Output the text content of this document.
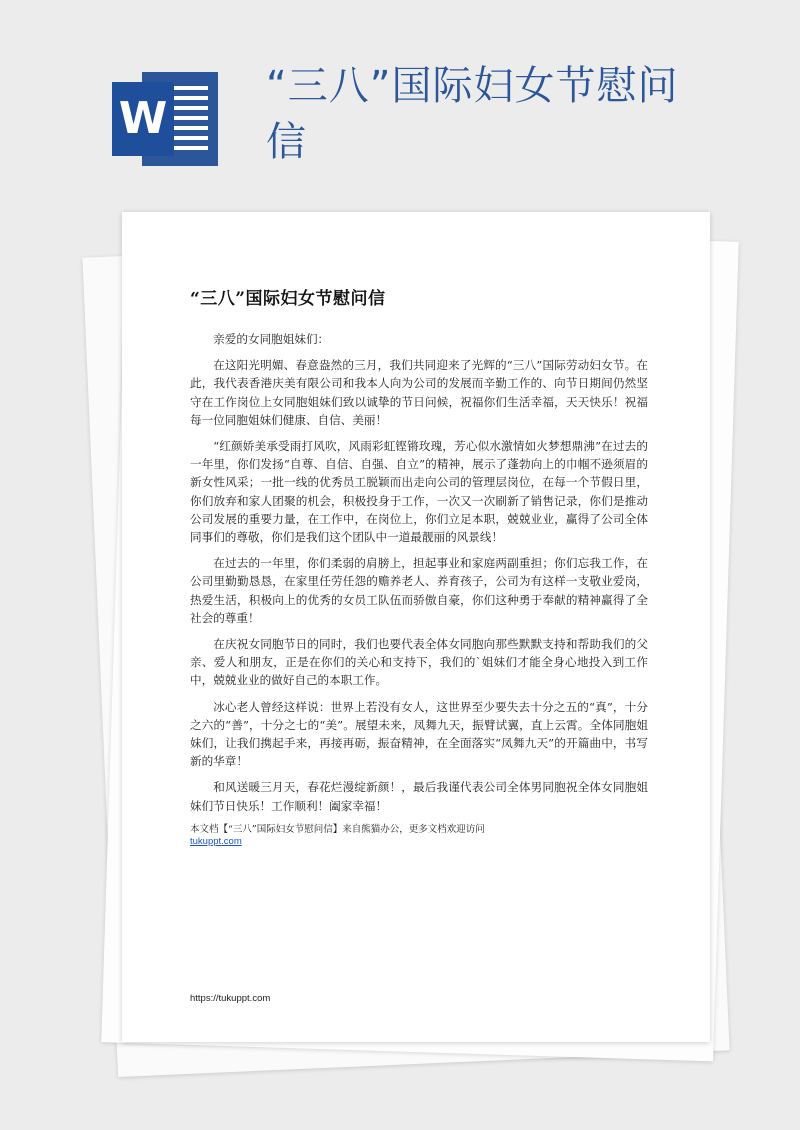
W
“三八”国际妇女节慰问信
“三八”国际妇女节慰问信

亲爱的女同胞姐妹们：

在这阳光明媚、春意盎然的三月，我们共同迎来了光辉的“三八”国际劳动妇女节。在此，我代表香港庆美有限公司和我本人向为公司的发展而辛勤工作的、向节日期间仍然坚守在工作岗位上女同胞姐妹们致以诚挚的节日问候，祝福你们生活幸福，天天快乐！祝福每一位同胞姐妹们健康、自信、美丽！

“红颜娇美承受雨打风吹，风雨彩虹铿锵玫瑰，芳心似水激情如火梦想鼎沸”在过去的一年里，你们发扬“自尊、自信、自强、自立”的精神，展示了蓬勃向上的巾帼不逊须眉的新女性风采；一批一线的优秀员工脱颖而出走向公司的管理层岗位，在每一个节假日里，你们放弃和家人团聚的机会，积极投身于工作，一次又一次刷新了销售记录，你们是推动公司发展的重要力量，在工作中，在岗位上，你们立足本职，兢兢业业，赢得了公司全体同事们的尊敬，你们是我们这个团队中一道最靓丽的风景线！

在过去的一年里，你们柔弱的肩膀上，担起事业和家庭两副重担；你们忘我工作，在公司里勤勤恳恳，在家里任劳任怨的赡养老人、养育孩子，公司为有这样一支敬业爱岗，热爱生活，积极向上的优秀的女员工队伍而骄傲自豪，你们这种勇于奉献的精神赢得了全社会的尊重！

在庆祝女同胞节日的同时，我们也要代表全体女同胞向那些默默支持和帮助我们的父亲、爱人和朋友，正是在你们的关心和支持下，我们的`姐妹们才能全身心地投入到工作中，兢兢业业的做好自己的本职工作。

冰心老人曾经这样说：世界上若没有女人，这世界至少要失去十分之五的“真”，十分之六的“善”，十分之七的“美”。展望未来，凤舞九天，振臂试翼，直上云霄。全体同胞姐妹们，让我们携起手来，再接再砺，振奋精神，在全面落实“凤舞九天”的开篇曲中，书写新的华章！

和风送暖三月天，春花烂漫绽新颜！，最后我谨代表公司全体男同胞祝全体女同胞姐妹们节日快乐！工作顺利！阖家幸福！

本文档【“三八”国际妇女节慰问信】来自熊猫办公，更多文档欢迎访问
tukuppt.com
https://tukuppt.com
